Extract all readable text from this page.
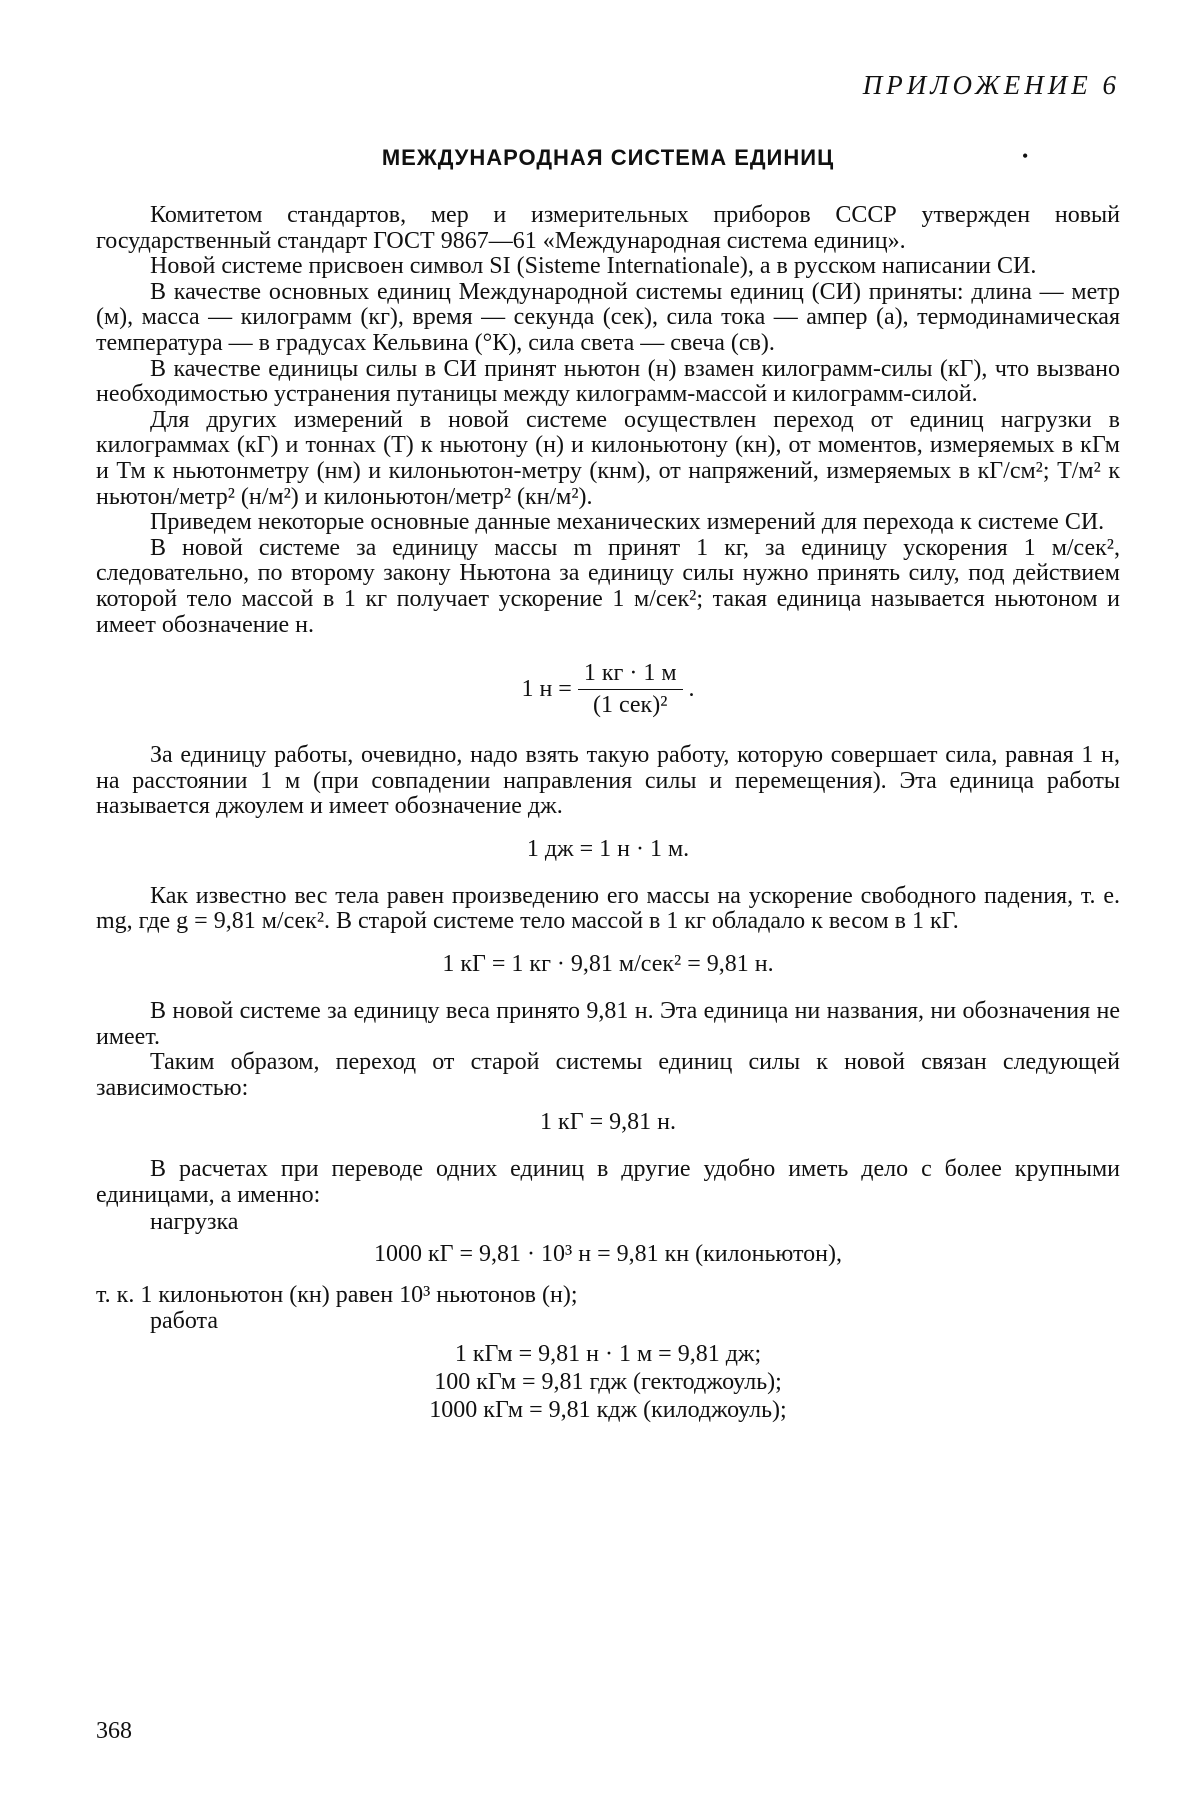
ПРИЛОЖЕНИЕ 6
МЕЖДУНАРОДНАЯ СИСТЕМА ЕДИНИЦ	•

Комитетом стандартов, мер и измерительных приборов СССР утвержден новый государственный стандарт ГОСТ 9867—61 «Международная система единиц».

Новой системе присвоен символ SI (Sisteme Internationale), а в русском написании СИ.

В качестве основных единиц Международной системы единиц (СИ) приняты: длина — метр (м), масса — килограмм (кг), время — секунда (сек), сила тока — ампер (а), термодинамическая температура — в градусах Кельвина (°К), сила света — свеча (св).

В качестве единицы силы в СИ принят ньютон (н) взамен килограмм-силы (кГ), что вызвано необходимостью устранения путаницы между килограмм-массой и килограмм-силой.

Для других измерений в новой системе осуществлен переход от единиц нагрузки в килограммах (кГ) и тоннах (Т) к ньютону (н) и килоньютону (кн), от моментов, измеряемых в кГм и Тм к ньютонметру (нм) и килоньютон-метру (кнм), от напряжений, измеряемых в кГ/см²; Т/м² к ньютон/метр² (н/м²) и килоньютон/метр² (кн/м²).

Приведем некоторые основные данные механических измерений для перехода к системе СИ.

В новой системе за единицу массы m принят 1 кг, за единицу ускорения 1 м/сек², следовательно, по второму закону Ньютона за единицу силы нужно принять силу, под действием которой тело массой в 1 кг получает ускорение 1 м/сек²; такая единица называется ньютоном и имеет обозначение н.

1 $н = \frac{1 кг \cdot 1 м}{\text{(1 сек)²}}$ .

За единицу работы, очевидно, надо взять такую работу, которую совершает сила, равная 1 н, на расстоянии 1 м (при совпадении направления силы и перемещения). Эта единица работы называется джоулем и имеет обозначение дж.

1 дж = 1 н · 1 м.

Как известно вес тела равен произведению его массы на ускорение свободного падения, т. е. mg, где g = 9,81 м/сек². В старой системе тело массой в 1 кг обладало к весом в 1 кГ.

1 кГ = 1 кг · 9,81 м/сек² = 9,81 н.

В новой системе за единицу веса принято 9,81 н. Эта единица ни названия, ни обозначения не имеет.

Таким образом, переход от старой системы единиц силы к новой связан следующей зависимостью:

1 кГ = 9,81 н.

В расчетах при переводе одних единиц в другие удобно иметь дело с более крупными единицами, а именно:

нагрузка
1000 кГ = 9,81 · 10³ н = 9,81 кн (килоньютон),

т. к. 1 килоньютон (кн) равен 10³ ньютонов (н);

работа
1 кГм = 9,81 н · 1 м = 9,81 дж;
100 кГм = 9,81 гдж (гектоджоуль);
1000 кГм = 9,81 кдж (килоджоуль);
368
